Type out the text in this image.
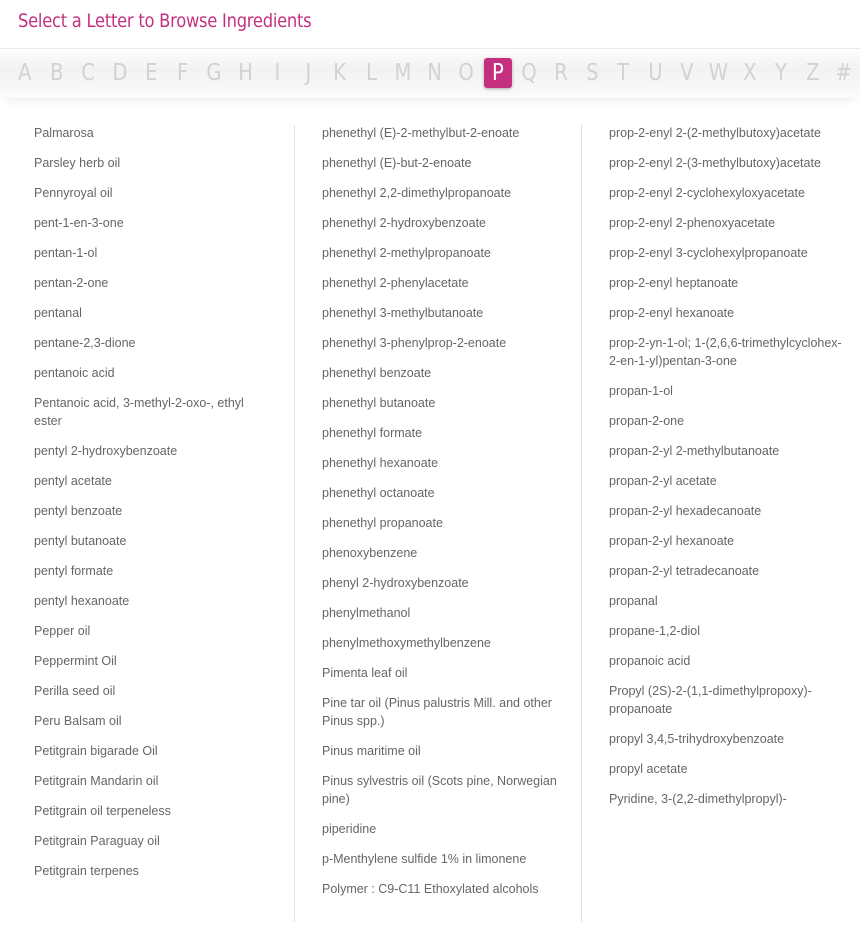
Select a Letter to Browse Ingredients
A B C D E F G H I	J K L M N O P Q R S T U V W X Y Z #
Palmarosa
Parsley herb oil
Pennyroyal oil
pent-1-en-3-one
pentan-1-ol
pentan-2-one
pentanal
pentane-2,3-dione
pentanoic acid
Pentanoic acid, 3-methyl-2-oxo-, ethyl ester
pentyl 2-hydroxybenzoate
pentyl acetate
pentyl benzoate
pentyl butanoate
pentyl formate
pentyl hexanoate
Pepper oil
Peppermint Oil
Perilla seed oil
Peru Balsam oil
Petitgrain bigarade Oil
Petitgrain Mandarin oil
Petitgrain oil terpeneless
Petitgrain Paraguay oil
Petitgrain terpenes
phenethyl (E)-2-methylbut-2-enoate
phenethyl (E)-but-2-enoate
phenethyl 2,2-dimethylpropanoate
phenethyl 2-hydroxybenzoate
phenethyl 2-methylpropanoate
phenethyl 2-phenylacetate
phenethyl 3-methylbutanoate
phenethyl 3-phenylprop-2-enoate
phenethyl benzoate
phenethyl butanoate
phenethyl formate
phenethyl hexanoate
phenethyl octanoate
phenethyl propanoate
phenoxybenzene
phenyl 2-hydroxybenzoate
phenylmethanol
phenylmethoxymethylbenzene
Pimenta leaf oil
Pine tar oil (Pinus palustris Mill. and other Pinus spp.)
Pinus maritime oil
Pinus sylvestris oil (Scots pine, Norwegian pine)
piperidine
p-Menthylene sulfide 1% in limonene
Polymer : C9-C11 Ethoxylated alcohols
prop-2-enyl 2-(2-methylbutoxy)acetate
prop-2-enyl 2-(3-methylbutoxy)acetate
prop-2-enyl 2-cyclohexyloxyacetate
prop-2-enyl 2-phenoxyacetate
prop-2-enyl 3-cyclohexylpropanoate
prop-2-enyl heptanoate
prop-2-enyl hexanoate
prop-2-yn-1-ol; 1-(2,6,6-trimethylcyclohex-2-en-1-yl)pentan-3-one
propan-1-ol
propan-2-one
propan-2-yl 2-methylbutanoate
propan-2-yl acetate
propan-2-yl hexadecanoate
propan-2-yl hexanoate
propan-2-yl tetradecanoate
propanal
propane-1,2-diol
propanoic acid
Propyl (2S)-2-(1,1-dimethylpropoxy)-propanoate
propyl 3,4,5-trihydroxybenzoate
propyl acetate
Pyridine, 3-(2,2-dimethylpropyl)-
